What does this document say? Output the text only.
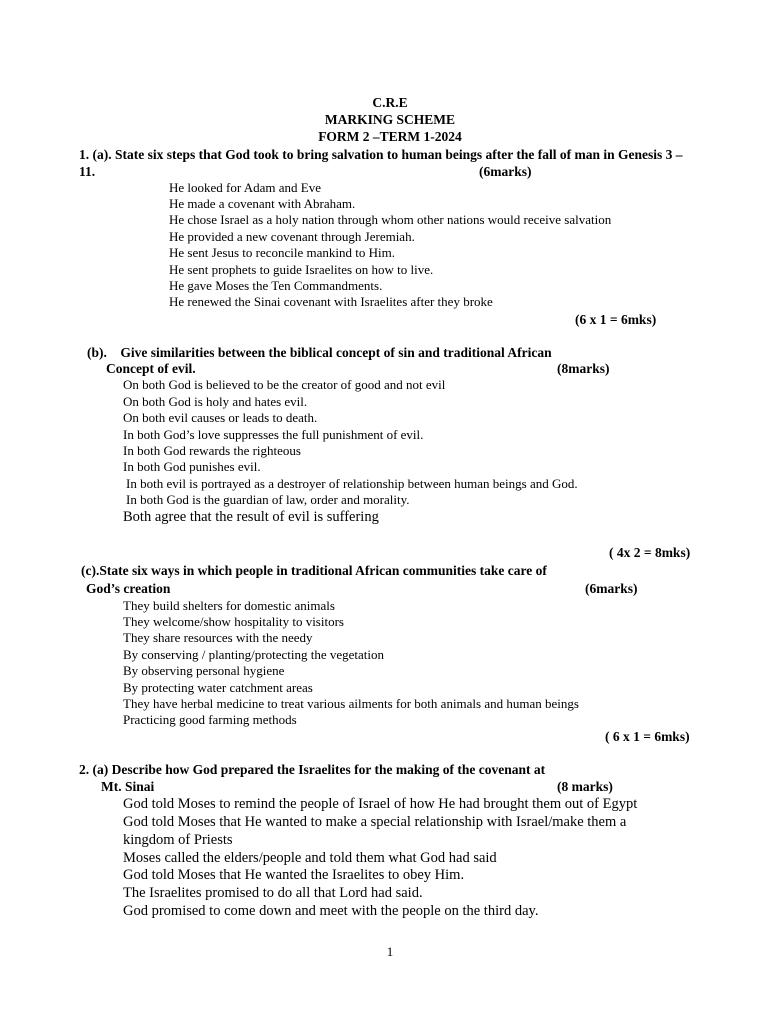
C.R.E
MARKING SCHEME
FORM 2 –TERM 1-2024
1. (a). State six steps that God took to bring salvation to human beings after the fall of man in Genesis 3 –
11.	(6marks)
He looked for Adam and Eve
He made a covenant with Abraham.
He chose Israel as a holy nation through whom other nations would receive salvation
He provided a new covenant through Jeremiah.
He sent Jesus to reconcile mankind to Him.
He sent prophets to guide Israelites on how to live.
He gave Moses the Ten Commandments.
He renewed the Sinai covenant with Israelites after they broke
(6 x 1 = 6mks)
(b).    Give similarities between the biblical concept of sin and traditional African
Concept of evil.	(8marks)
On both God is believed to be the creator of good and not evil
On both God is holy and hates evil.
On both evil causes or leads to death.
In both God’s love suppresses the full punishment of evil.
In both God rewards the righteous
In both God punishes evil.
In both evil is portrayed as a destroyer of relationship between human beings and God.
In both God is the guardian of law, order and morality.
Both agree that the result of evil is suffering
( 4x 2 = 8mks)
(c).State six ways in which people in traditional African communities take care of
God’s creation	(6marks)
They build shelters for domestic animals
They welcome/show hospitality to visitors
They share resources with the needy
By conserving / planting/protecting the vegetation
By observing personal hygiene
By protecting water catchment areas
They have herbal medicine to treat various ailments for both animals and human beings
Practicing good farming methods
( 6 x 1 = 6mks)
2. (a) Describe how God prepared the Israelites for the making of the covenant at
Mt. Sinai	(8 marks)
God told Moses to remind the people of Israel of how He had brought them out of Egypt
God told Moses that He wanted to make a special relationship with Israel/make them a
kingdom of Priests
Moses called the elders/people and told them what God had said
God told Moses that He wanted the Israelites to obey Him.
The Israelites promised to do all that Lord had said.
God promised to come down and meet with the people on the third day.
1
